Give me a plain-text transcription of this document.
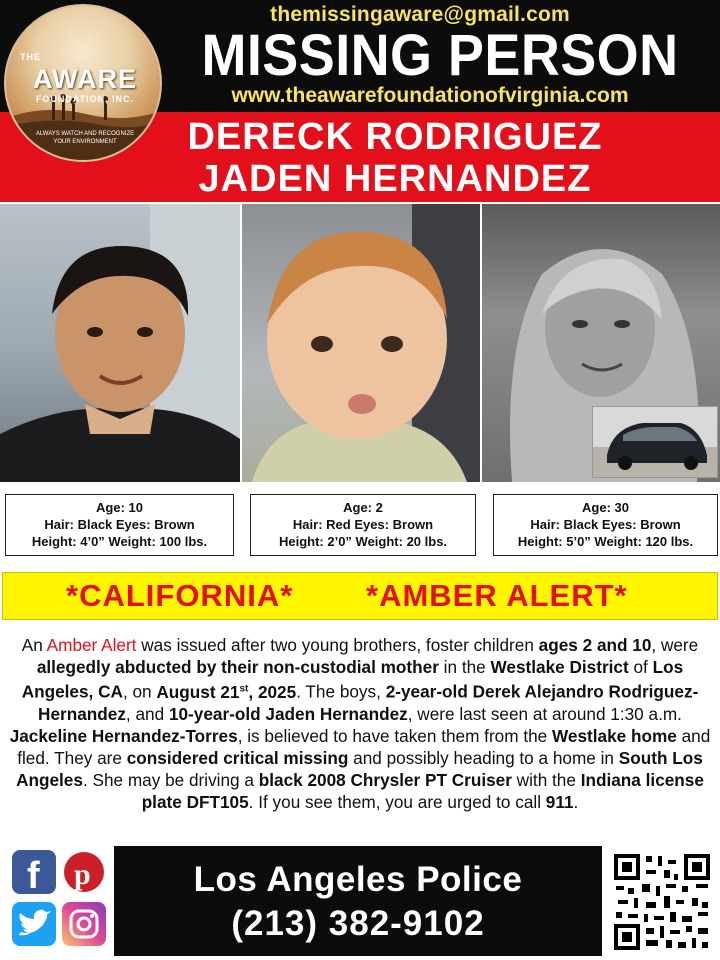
themissingaware@gmail.com
MISSING PERSON
www.theawarefoundationofvirginia.com
THE
AWARE
FOUNDATION, INC.
ALWAYS WATCH AND RECOGNIZE YOUR ENVIRONMENT	DERECK RODRIGUEZ
JADEN HERNANDEZ
Age: 10
Hair: Black Eyes: Brown
Height: 4’0” Weight: 100 lbs.
Age: 2
Hair: Red Eyes: Brown
Height: 2’0” Weight: 20 lbs.
Age: 30
Hair: Black Eyes: Brown
Height: 5’0” Weight: 120 lbs.
*CALIFORNIA* *AMBER ALERT*
An Amber Alert was issued after two young brothers, foster children ages 2 and 10, were allegedly abducted by their non-custodial mother in the Westlake District of Los Angeles, CA, on August 21st, 2025. The boys, 2-year-old Derek Alejandro Rodriguez-Hernandez, and 10-year-old Jaden Hernandez, were last seen at around 1:30 a.m. Jackeline Hernandez-Torres, is believed to have taken them from the Westlake home and fled. They are considered critical missing and possibly heading to a home in South Los Angeles. She may be driving a black 2008 Chrysler PT Cruiser with the Indiana license plate DFT105. If you see them, you are urged to call 911.
f p	Los Angeles Police
(213) 382-9102
